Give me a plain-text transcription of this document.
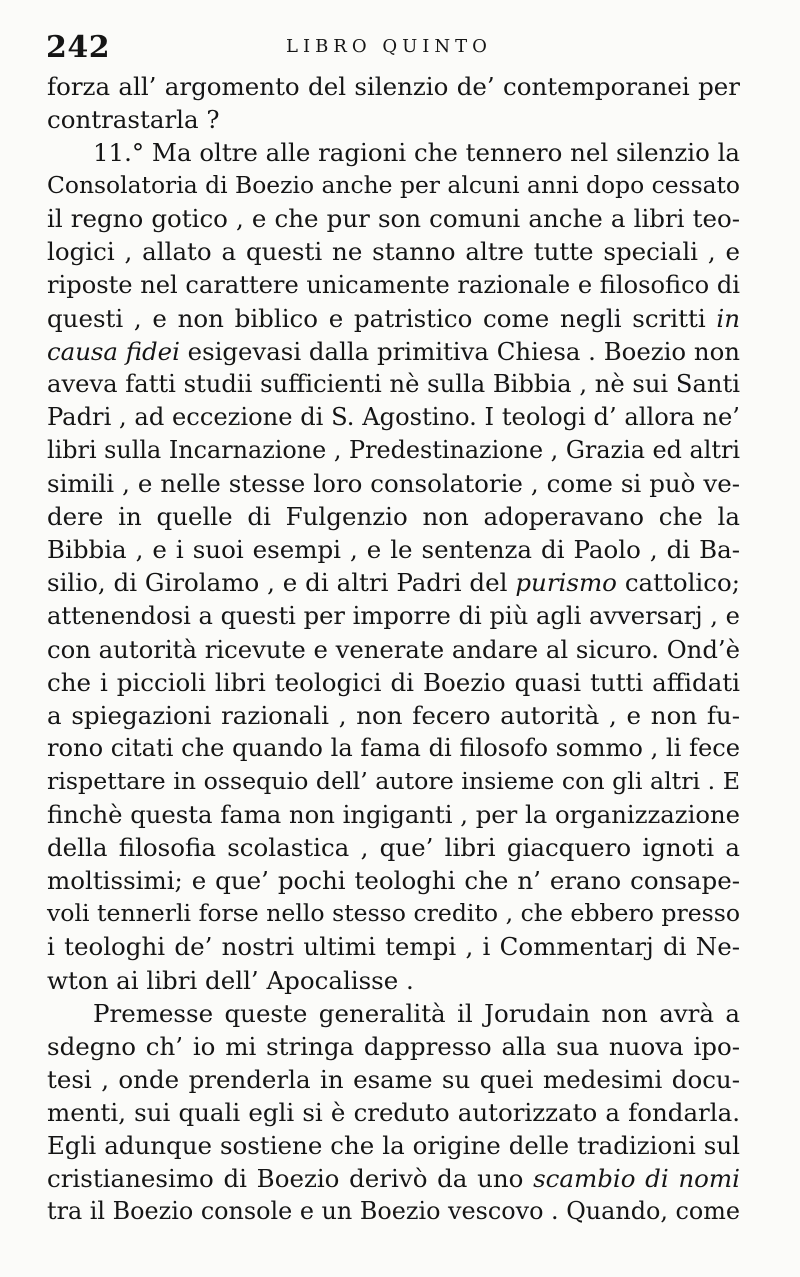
242	LIBRO QUINTO
forza all’ argomento del silenzio de’ contemporanei per
contrastarla ?
11.° Ma oltre alle ragioni che tennero nel silenzio la
Consolatoria di Boezio anche per alcuni anni dopo cessato
il regno gotico , e che pur son comuni anche a libri teo-
logici , allato a questi ne stanno altre tutte speciali , e
riposte nel carattere unicamente razionale e filosofico di
questi , e non biblico e patristico come negli scritti in
causa fidei esigevasi dalla primitiva Chiesa . Boezio non
aveva fatti studii sufficienti nè sulla Bibbia , nè sui Santi
Padri , ad eccezione di S. Agostino. I teologi d’ allora ne’
libri sulla Incarnazione , Predestinazione , Grazia ed altri
simili , e nelle stesse loro consolatorie , come si può ve-
dere in quelle di Fulgenzio non adoperavano che la
Bibbia , e i suoi esempi , e le sentenza di Paolo , di Ba-
silio, di Girolamo , e di altri Padri del purismo cattolico;
attenendosi a questi per imporre di più agli avversarj , e
con autorità ricevute e venerate andare al sicuro. Ond’è
che i piccioli libri teologici di Boezio quasi tutti affidati
a spiegazioni razionali , non fecero autorità , e non fu-
rono citati che quando la fama di filosofo sommo , li fece
rispettare in ossequio dell’ autore insieme con gli altri . E
finchè questa fama non ingiganti , per la organizzazione
della filosofia scolastica , que’ libri giacquero ignoti a
moltissimi; e que’ pochi teologhi che n’ erano consape-
voli tennerli forse nello stesso credito , che ebbero presso
i teologhi de’ nostri ultimi tempi , i Commentarj di Ne-
wton ai libri dell’ Apocalisse .
Premesse queste generalità il Jorudain non avrà a
sdegno ch’ io mi stringa dappresso alla sua nuova ipo-
tesi , onde prenderla in esame su quei medesimi docu-
menti, sui quali egli si è creduto autorizzato a fondarla.
Egli adunque sostiene che la origine delle tradizioni sul
cristianesimo di Boezio derivò da uno scambio di nomi
tra il Boezio console e un Boezio vescovo . Quando, come
